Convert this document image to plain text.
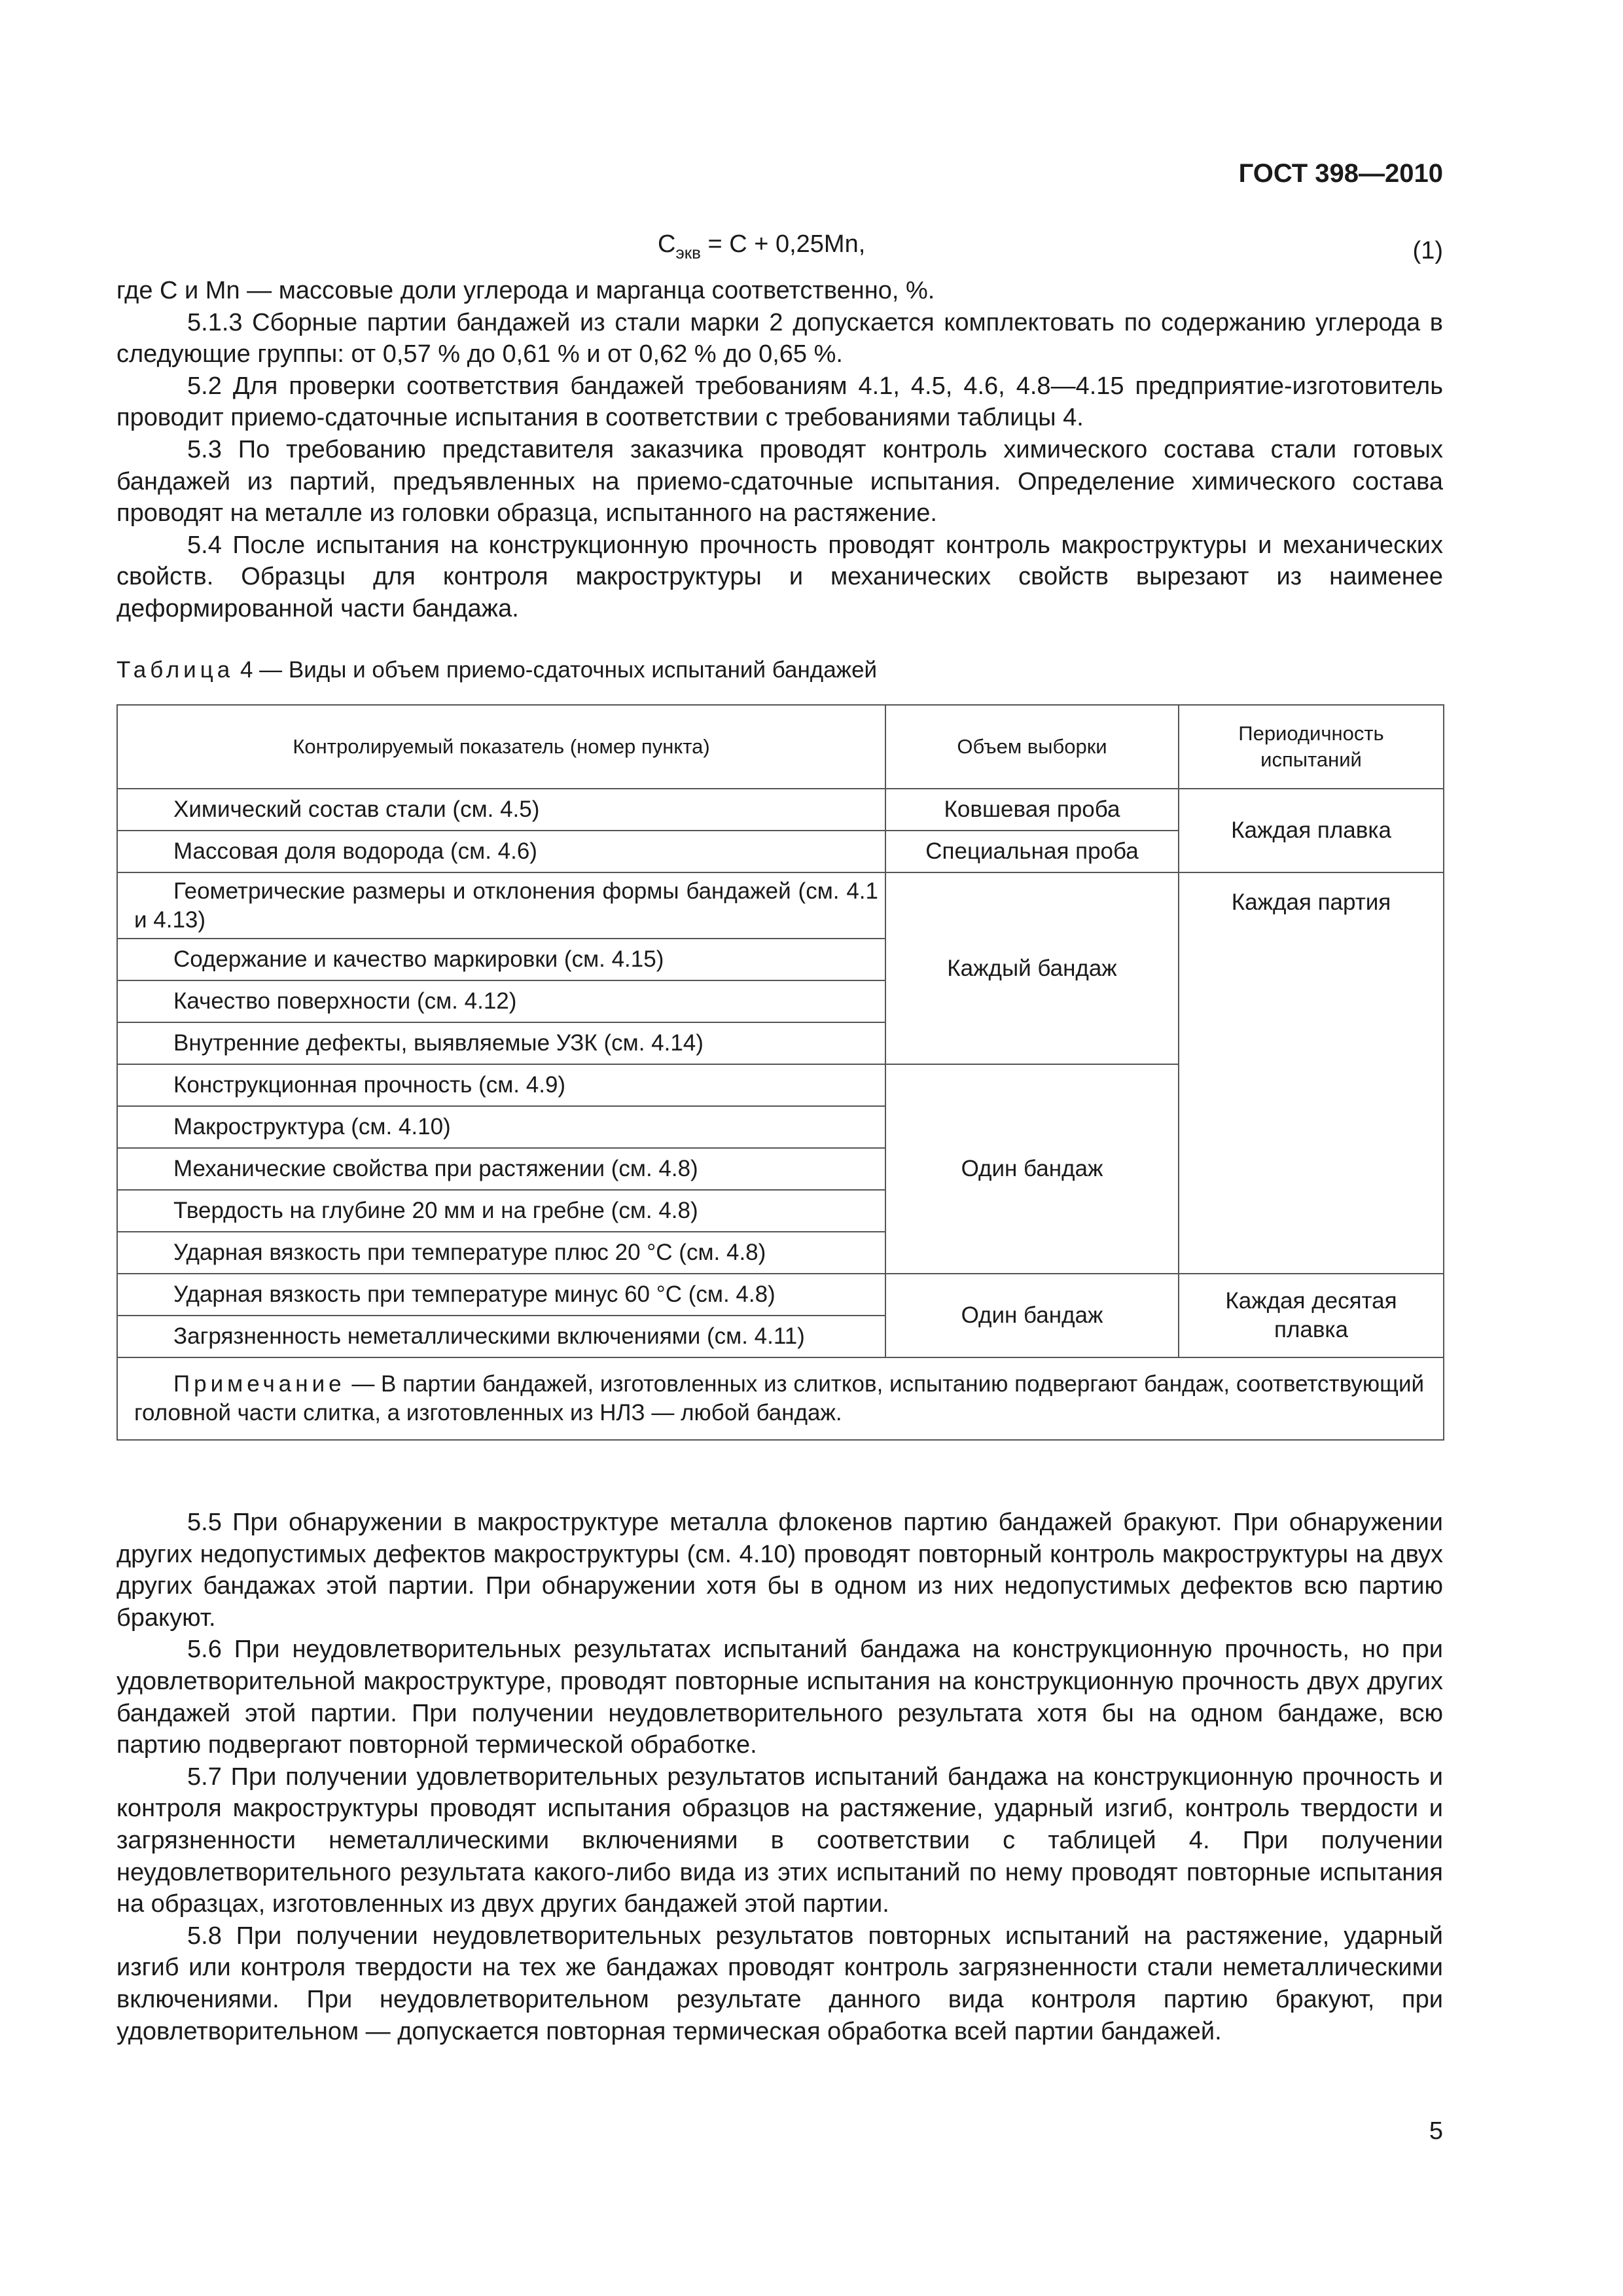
ГОСТ 398—2010
$C_{экв} = C + 0,25Mn$,	(1)

где C и Mn — массовые доли углерода и марганца соответственно, %.

5.1.3 Сборные партии бандажей из стали марки 2 допускается комплектовать по содержанию углерода в следующие группы: от 0,57 % до 0,61 % и от 0,62 % до 0,65 %.

5.2 Для проверки соответствия бандажей требованиям 4.1, 4.5, 4.6, 4.8—4.15 предприятие-изготовитель проводит приемо-сдаточные испытания в соответствии с требованиями таблицы 4.

5.3 По требованию представителя заказчика проводят контроль химического состава стали готовых бандажей из партий, предъявленных на приемо-сдаточные испытания. Определение химического состава проводят на металле из головки образца, испытанного на растяжение.

5.4 После испытания на конструкционную прочность проводят контроль макроструктуры и механических свойств. Образцы для контроля макроструктуры и механических свойств вырезают из наименее деформированной части бандажа.

Таблица 4 — Виды и объем приемо-сдаточных испытаний бандажей
Контролируемый показатель (номер пункта)	Объем выборки	Периодичность испытаний
Химический состав стали (см. 4.5)	Ковшевая проба	Каждая плавка
Массовая доля водорода (см. 4.6)	Специальная проба	
Геометрические размеры и отклонения формы бандажей (см. 4.1 и 4.13)	Каждый бандаж	Каждая партия
Содержание и качество маркировки (см. 4.15)		
Качество поверхности (см. 4.12)		
Внутренние дефекты, выявляемые УЗК (см. 4.14)		
Конструкционная прочность (см. 4.9)	Один бандаж	
Макроструктура (см. 4.10)		
Механические свойства при растяжении (см. 4.8)		
Твердость на глубине 20 мм и на гребне (см. 4.8)		
Ударная вязкость при температуре плюс 20 °C (см. 4.8)		
Ударная вязкость при температуре минус 60 °C (см. 4.8)	Один бандаж	Каждая десятая плавка
Загрязненность неметаллическими включениями (см. 4.11)		
Примечание — В партии бандажей, изготовленных из слитков, испытанию подвергают бандаж, соответствующий головной части слитка, а изготовленных из НЛЗ — любой бандаж.		

5.5 При обнаружении в макроструктуре металла флокенов партию бандажей бракуют. При обнаружении других недопустимых дефектов макроструктуры (см. 4.10) проводят повторный контроль макроструктуры на двух других бандажах этой партии. При обнаружении хотя бы в одном из них недопустимых дефектов всю партию бракуют.

5.6 При неудовлетворительных результатах испытаний бандажа на конструкционную прочность, но при удовлетворительной макроструктуре, проводят повторные испытания на конструкционную прочность двух других бандажей этой партии. При получении неудовлетворительного результата хотя бы на одном бандаже, всю партию подвергают повторной термической обработке.

5.7 При получении удовлетворительных результатов испытаний бандажа на конструкционную прочность и контроля макроструктуры проводят испытания образцов на растяжение, ударный изгиб, контроль твердости и загрязненности неметаллическими включениями в соответствии с таблицей 4. При получении неудовлетворительного результата какого-либо вида из этих испытаний по нему проводят повторные испытания на образцах, изготовленных из двух других бандажей этой партии.

5.8 При получении неудовлетворительных результатов повторных испытаний на растяжение, ударный изгиб или контроля твердости на тех же бандажах проводят контроль загрязненности стали неметаллическими включениями. При неудовлетворительном результате данного вида контроля партию бракуют, при удовлетворительном — допускается повторная термическая обработка всей партии бандажей.

5
